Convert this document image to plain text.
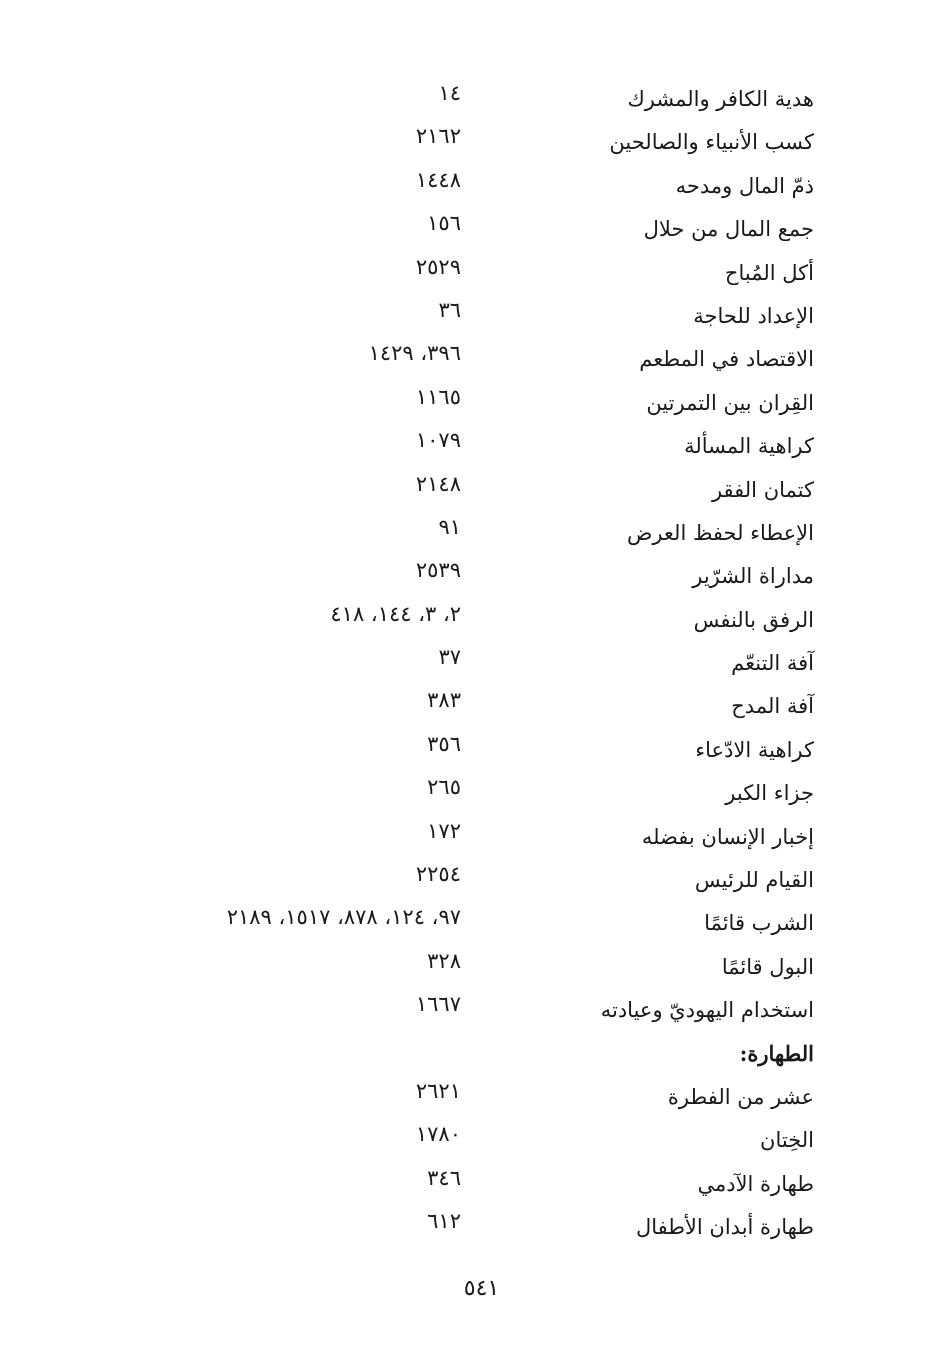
هدية الكافر والمشرك
١٤
كسب الأنبياء والصالحين
٢١٦٢
ذمّ المال ومدحه
١٤٤٨
جمع المال من حلال
١٥٦
أكل المُباح
٢٥٢٩
الإعداد للحاجة
٣٦
الاقتصاد في المطعم
٣٩٦، ١٤٢٩
القِران بين التمرتين
١١٦٥
كراهية المسألة
١٠٧٩
كتمان الفقر
٢١٤٨
الإعطاء لحفظ العرض
٩١
مداراة الشرّير
٢٥٣٩
الرفق بالنفس
٢، ٣، ١٤٤، ٤١٨
آفة التنعّم
٣٧
آفة المدح
٣٨٣
كراهية الادّعاء
٣٥٦
جزاء الكبر
٢٦٥
إخبار الإنسان بفضله
١٧٢
القيام للرئيس
٢٢٥٤
الشرب قائمًا
٩٧، ١٢٤، ٨٧٨، ١٥١٧، ٢١٨٩
البول قائمًا
٣٢٨
استخدام اليهوديّ وعيادته
١٦٦٧
الطهارة:
عشر من الفطرة
٢٦٢١
الخِتان
١٧٨٠
طهارة الآدمي
٣٤٦
طهارة أبدان الأطفال
٦١٢
٥٤١
